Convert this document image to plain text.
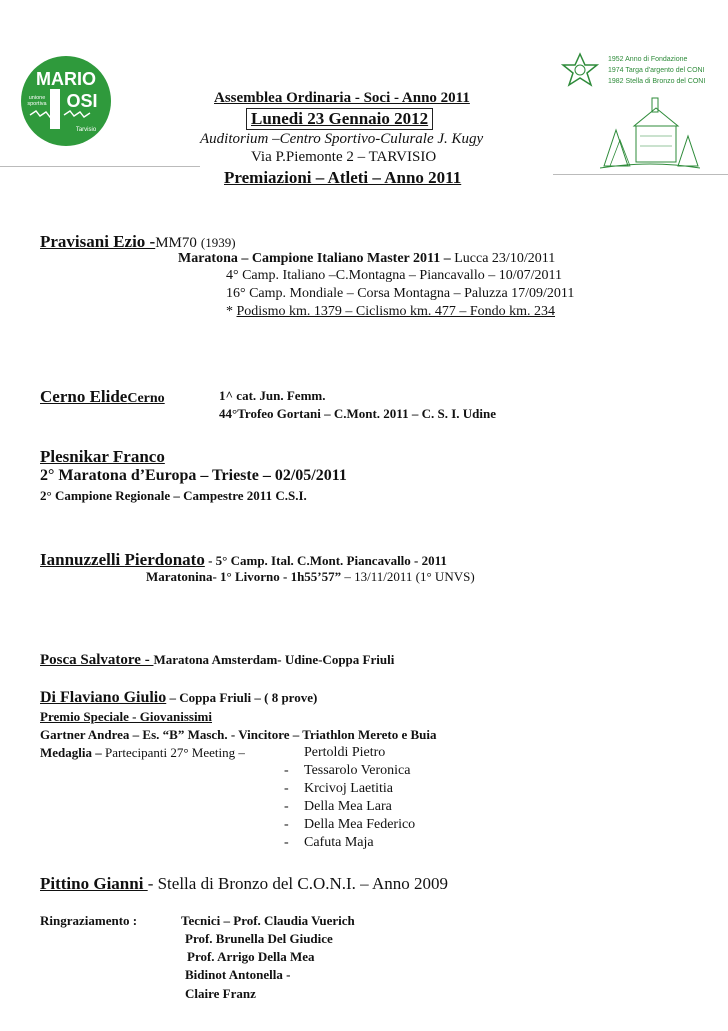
MARIO
OSI
unione
sportiva
Tarvisio
1952 Anno di Fondazione
1974 Targa d'argento del CONI
1982 Stella di Bronzo del CONI
Assemblea Ordinaria - Soci - Anno 2011
Lunedi 23 Gennaio 2012
Auditorium –Centro Sportivo-Culurale J. Kugy
Via P.Piemonte 2 – TARVISIO
Premiazioni – Atleti – Anno 2011
Pravisani Ezio -MM70 (1939)
Maratona – Campione Italiano Master 2011 – Lucca 23/10/2011
4° Camp. Italiano –C.Montagna – Piancavallo – 10/07/2011
16° Camp. Mondiale – Corsa Montagna – Paluzza 17/09/2011
* Podismo km. 1379 – Ciclismo km. 477 – Fondo km. 234
Cerno ElideCerno	1^ cat. Jun. Femm.
44°Trofeo Gortani – C.Mont. 2011 – C. S. I. Udine
Plesnikar Franco
2° Maratona d’Europa – Trieste – 02/05/2011
2° Campione Regionale – Campestre 2011 C.S.I.
Iannuzzelli Pierdonato - 5° Camp. Ital. C.Mont. Piancavallo - 2011
Maratonina- 1° Livorno - 1h55’57” – 13/11/2011 (1° UNVS)
Posca Salvatore - Maratona Amsterdam- Udine-Coppa Friuli
Di Flaviano Giulio – Coppa Friuli – ( 8 prove)
Premio Speciale - Giovanissimi
Gartner Andrea – Es. “B” Masch. - Vincitore – Triathlon Mereto e Buia
Medaglia – Partecipanti 27° Meeting –	Pertoldi Pietro
- Tessarolo Veronica
- Krcivoj Laetitia
- Della Mea Lara
- Della Mea Federico
- Cafuta Maja
Pittino Gianni - Stella di Bronzo del C.O.N.I. – Anno 2009
Ringraziamento :	Tecnici – Prof. Claudia Vuerich
Prof. Brunella Del Giudice
Prof. Arrigo Della Mea
Bidinot Antonella -
Claire Franz
